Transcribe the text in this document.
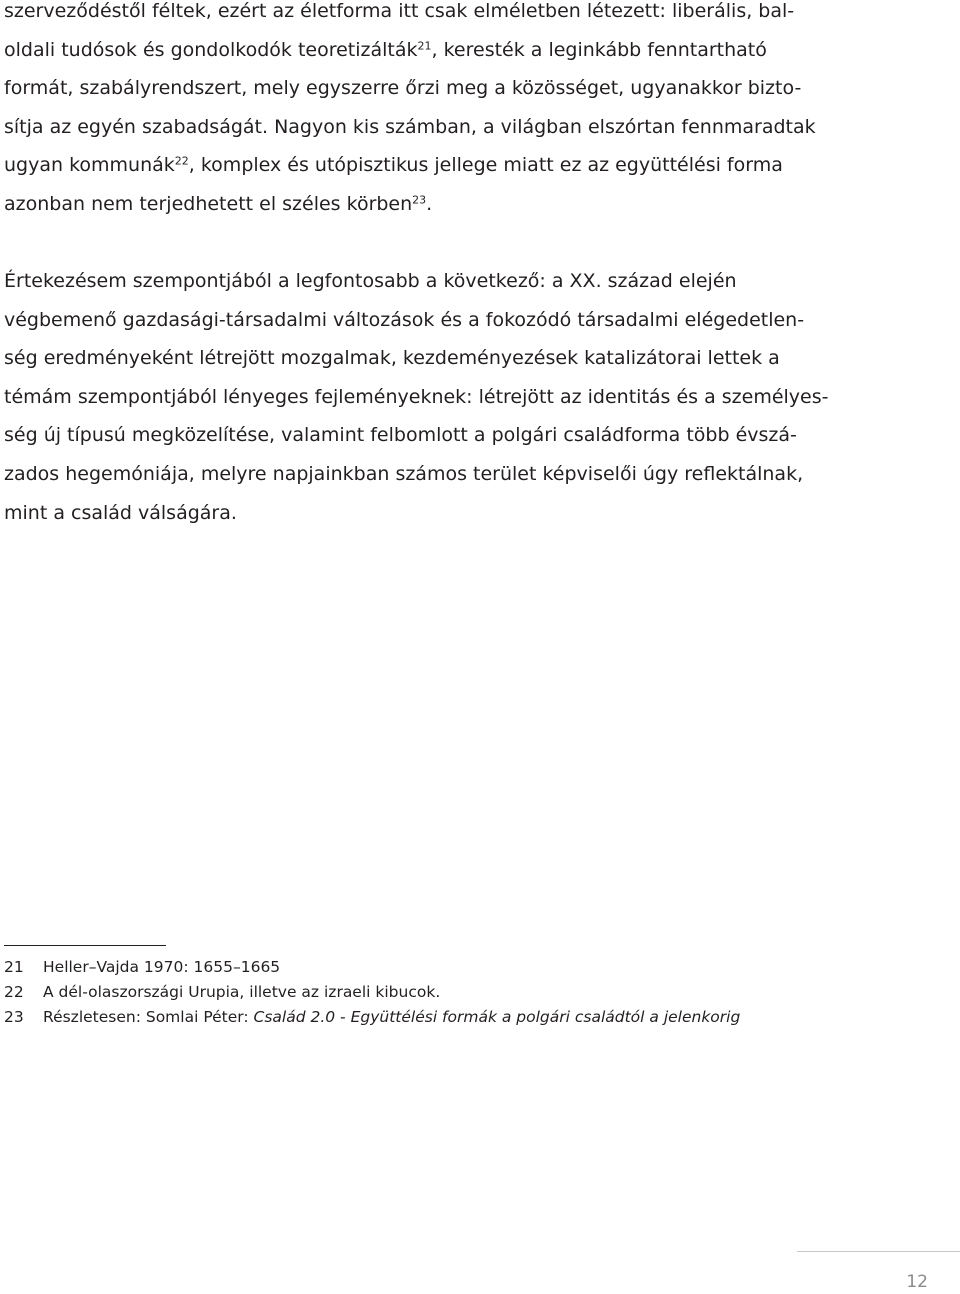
szerveződéstől féltek, ezért az életforma itt csak elméletben létezett: liberális, bal-
oldali tudósok és gondolkodók teoretizálták$^{21}$, keresték a leginkább fenntartható
formát, szabályrendszert, mely egyszerre őrzi meg a közösséget, ugyanakkor bizto-
sítja az egyén szabadságát. Nagyon kis számban, a világban elszórtan fennmaradtak
ugyan kommunák$^{22}$, komplex és utópisztikus jellege miatt ez az együttélési forma
azonban nem terjedhetett el széles körben$^{23}$.
Értekezésem szempontjából a legfontosabb a következő: a XX. század elején
végbemenő gazdasági-társadalmi változások és a fokozódó társadalmi elégedetlen-
ség eredményeként létrejött mozgalmak, kezdeményezések katalizátorai lettek a
témám szempontjából lényeges fejleményeknek: létrejött az identitás és a személyes-
ség új típusú megközelítése, valamint felbomlott a polgári családforma több évszá-
zados hegemóniája, melyre napjainkban számos terület képviselői úgy reflektálnak,
mint a család válságára.
21 Heller–Vajda 1970: 1655–1665
22 A dél-olaszországi Urupia, illetve az izraeli kibucok.
23 Részletesen: Somlai Péter: Család 2.0 - Együttélési formák a polgári családtól a jelenkorig
12
